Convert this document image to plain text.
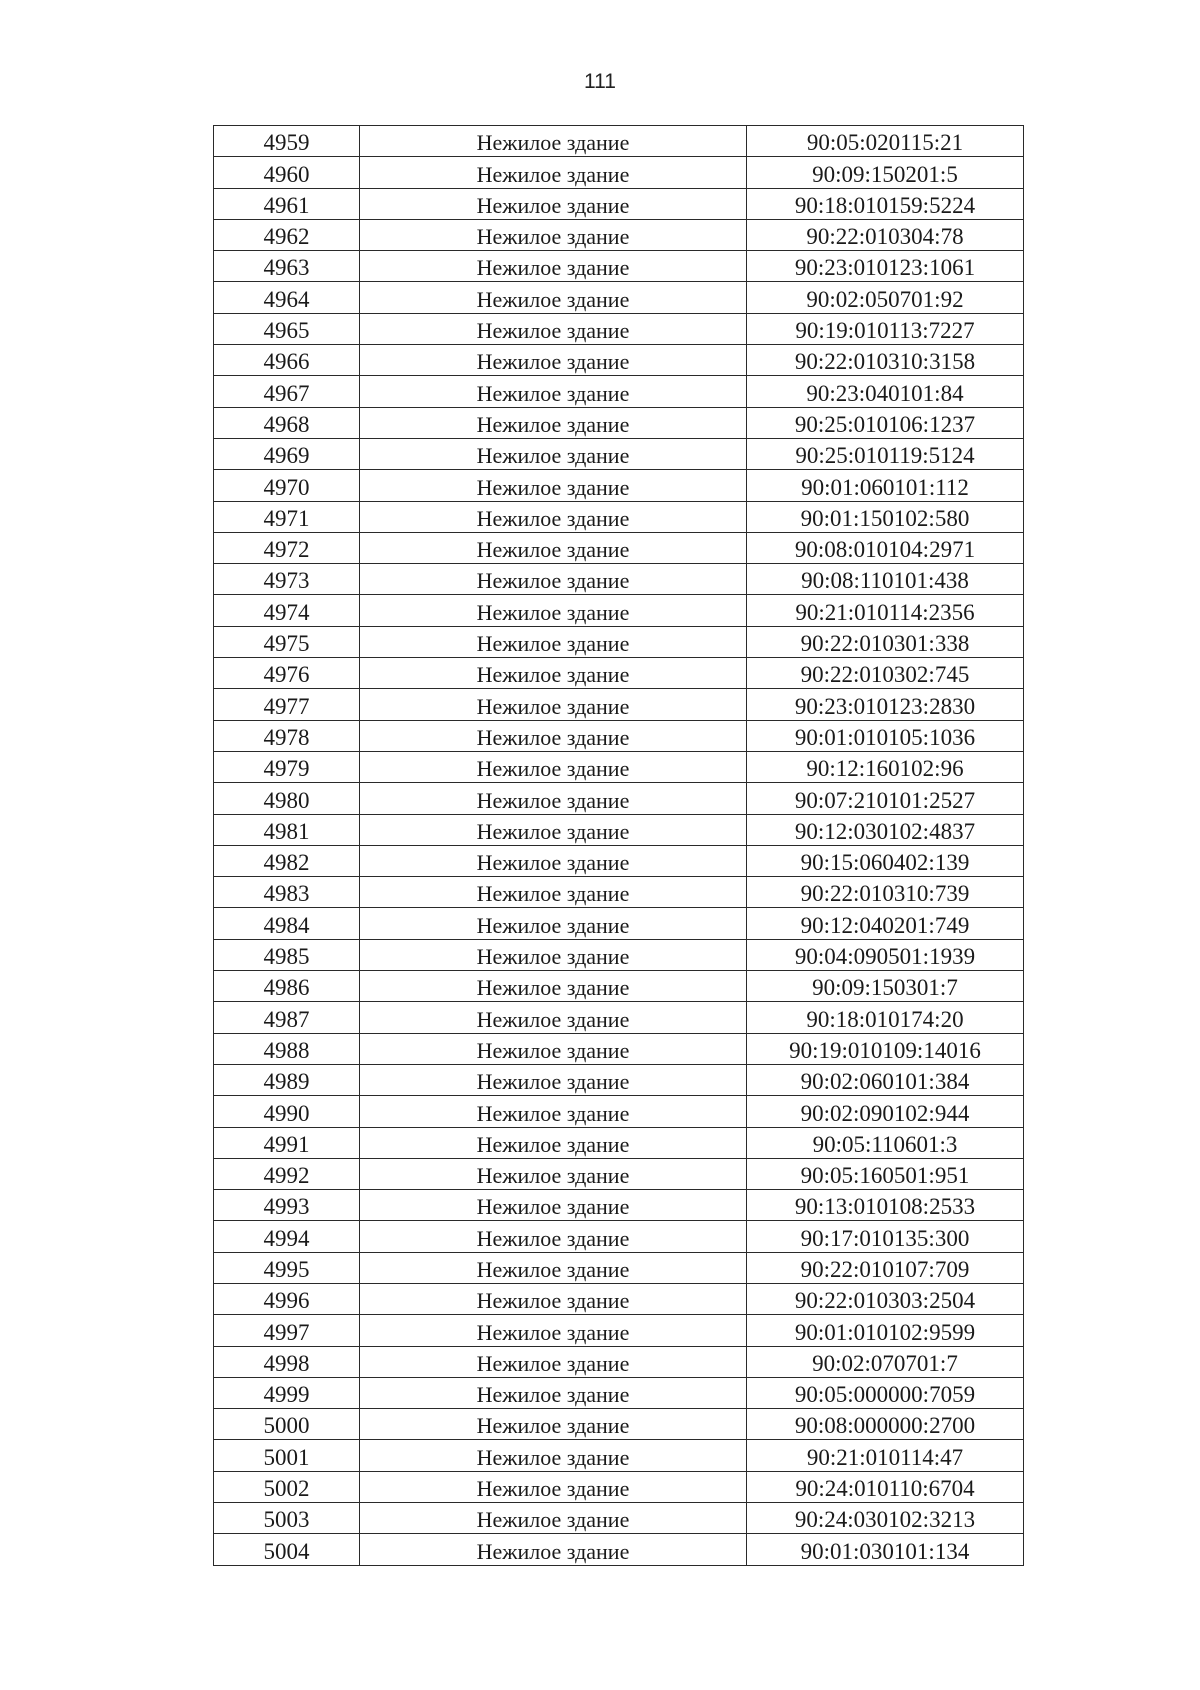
111
4959	Нежилое здание	90:05:020115:21
4960	Нежилое здание	90:09:150201:5
4961	Нежилое здание	90:18:010159:5224
4962	Нежилое здание	90:22:010304:78
4963	Нежилое здание	90:23:010123:1061
4964	Нежилое здание	90:02:050701:92
4965	Нежилое здание	90:19:010113:7227
4966	Нежилое здание	90:22:010310:3158
4967	Нежилое здание	90:23:040101:84
4968	Нежилое здание	90:25:010106:1237
4969	Нежилое здание	90:25:010119:5124
4970	Нежилое здание	90:01:060101:112
4971	Нежилое здание	90:01:150102:580
4972	Нежилое здание	90:08:010104:2971
4973	Нежилое здание	90:08:110101:438
4974	Нежилое здание	90:21:010114:2356
4975	Нежилое здание	90:22:010301:338
4976	Нежилое здание	90:22:010302:745
4977	Нежилое здание	90:23:010123:2830
4978	Нежилое здание	90:01:010105:1036
4979	Нежилое здание	90:12:160102:96
4980	Нежилое здание	90:07:210101:2527
4981	Нежилое здание	90:12:030102:4837
4982	Нежилое здание	90:15:060402:139
4983	Нежилое здание	90:22:010310:739
4984	Нежилое здание	90:12:040201:749
4985	Нежилое здание	90:04:090501:1939
4986	Нежилое здание	90:09:150301:7
4987	Нежилое здание	90:18:010174:20
4988	Нежилое здание	90:19:010109:14016
4989	Нежилое здание	90:02:060101:384
4990	Нежилое здание	90:02:090102:944
4991	Нежилое здание	90:05:110601:3
4992	Нежилое здание	90:05:160501:951
4993	Нежилое здание	90:13:010108:2533
4994	Нежилое здание	90:17:010135:300
4995	Нежилое здание	90:22:010107:709
4996	Нежилое здание	90:22:010303:2504
4997	Нежилое здание	90:01:010102:9599
4998	Нежилое здание	90:02:070701:7
4999	Нежилое здание	90:05:000000:7059
5000	Нежилое здание	90:08:000000:2700
5001	Нежилое здание	90:21:010114:47
5002	Нежилое здание	90:24:010110:6704
5003	Нежилое здание	90:24:030102:3213
5004	Нежилое здание	90:01:030101:134
